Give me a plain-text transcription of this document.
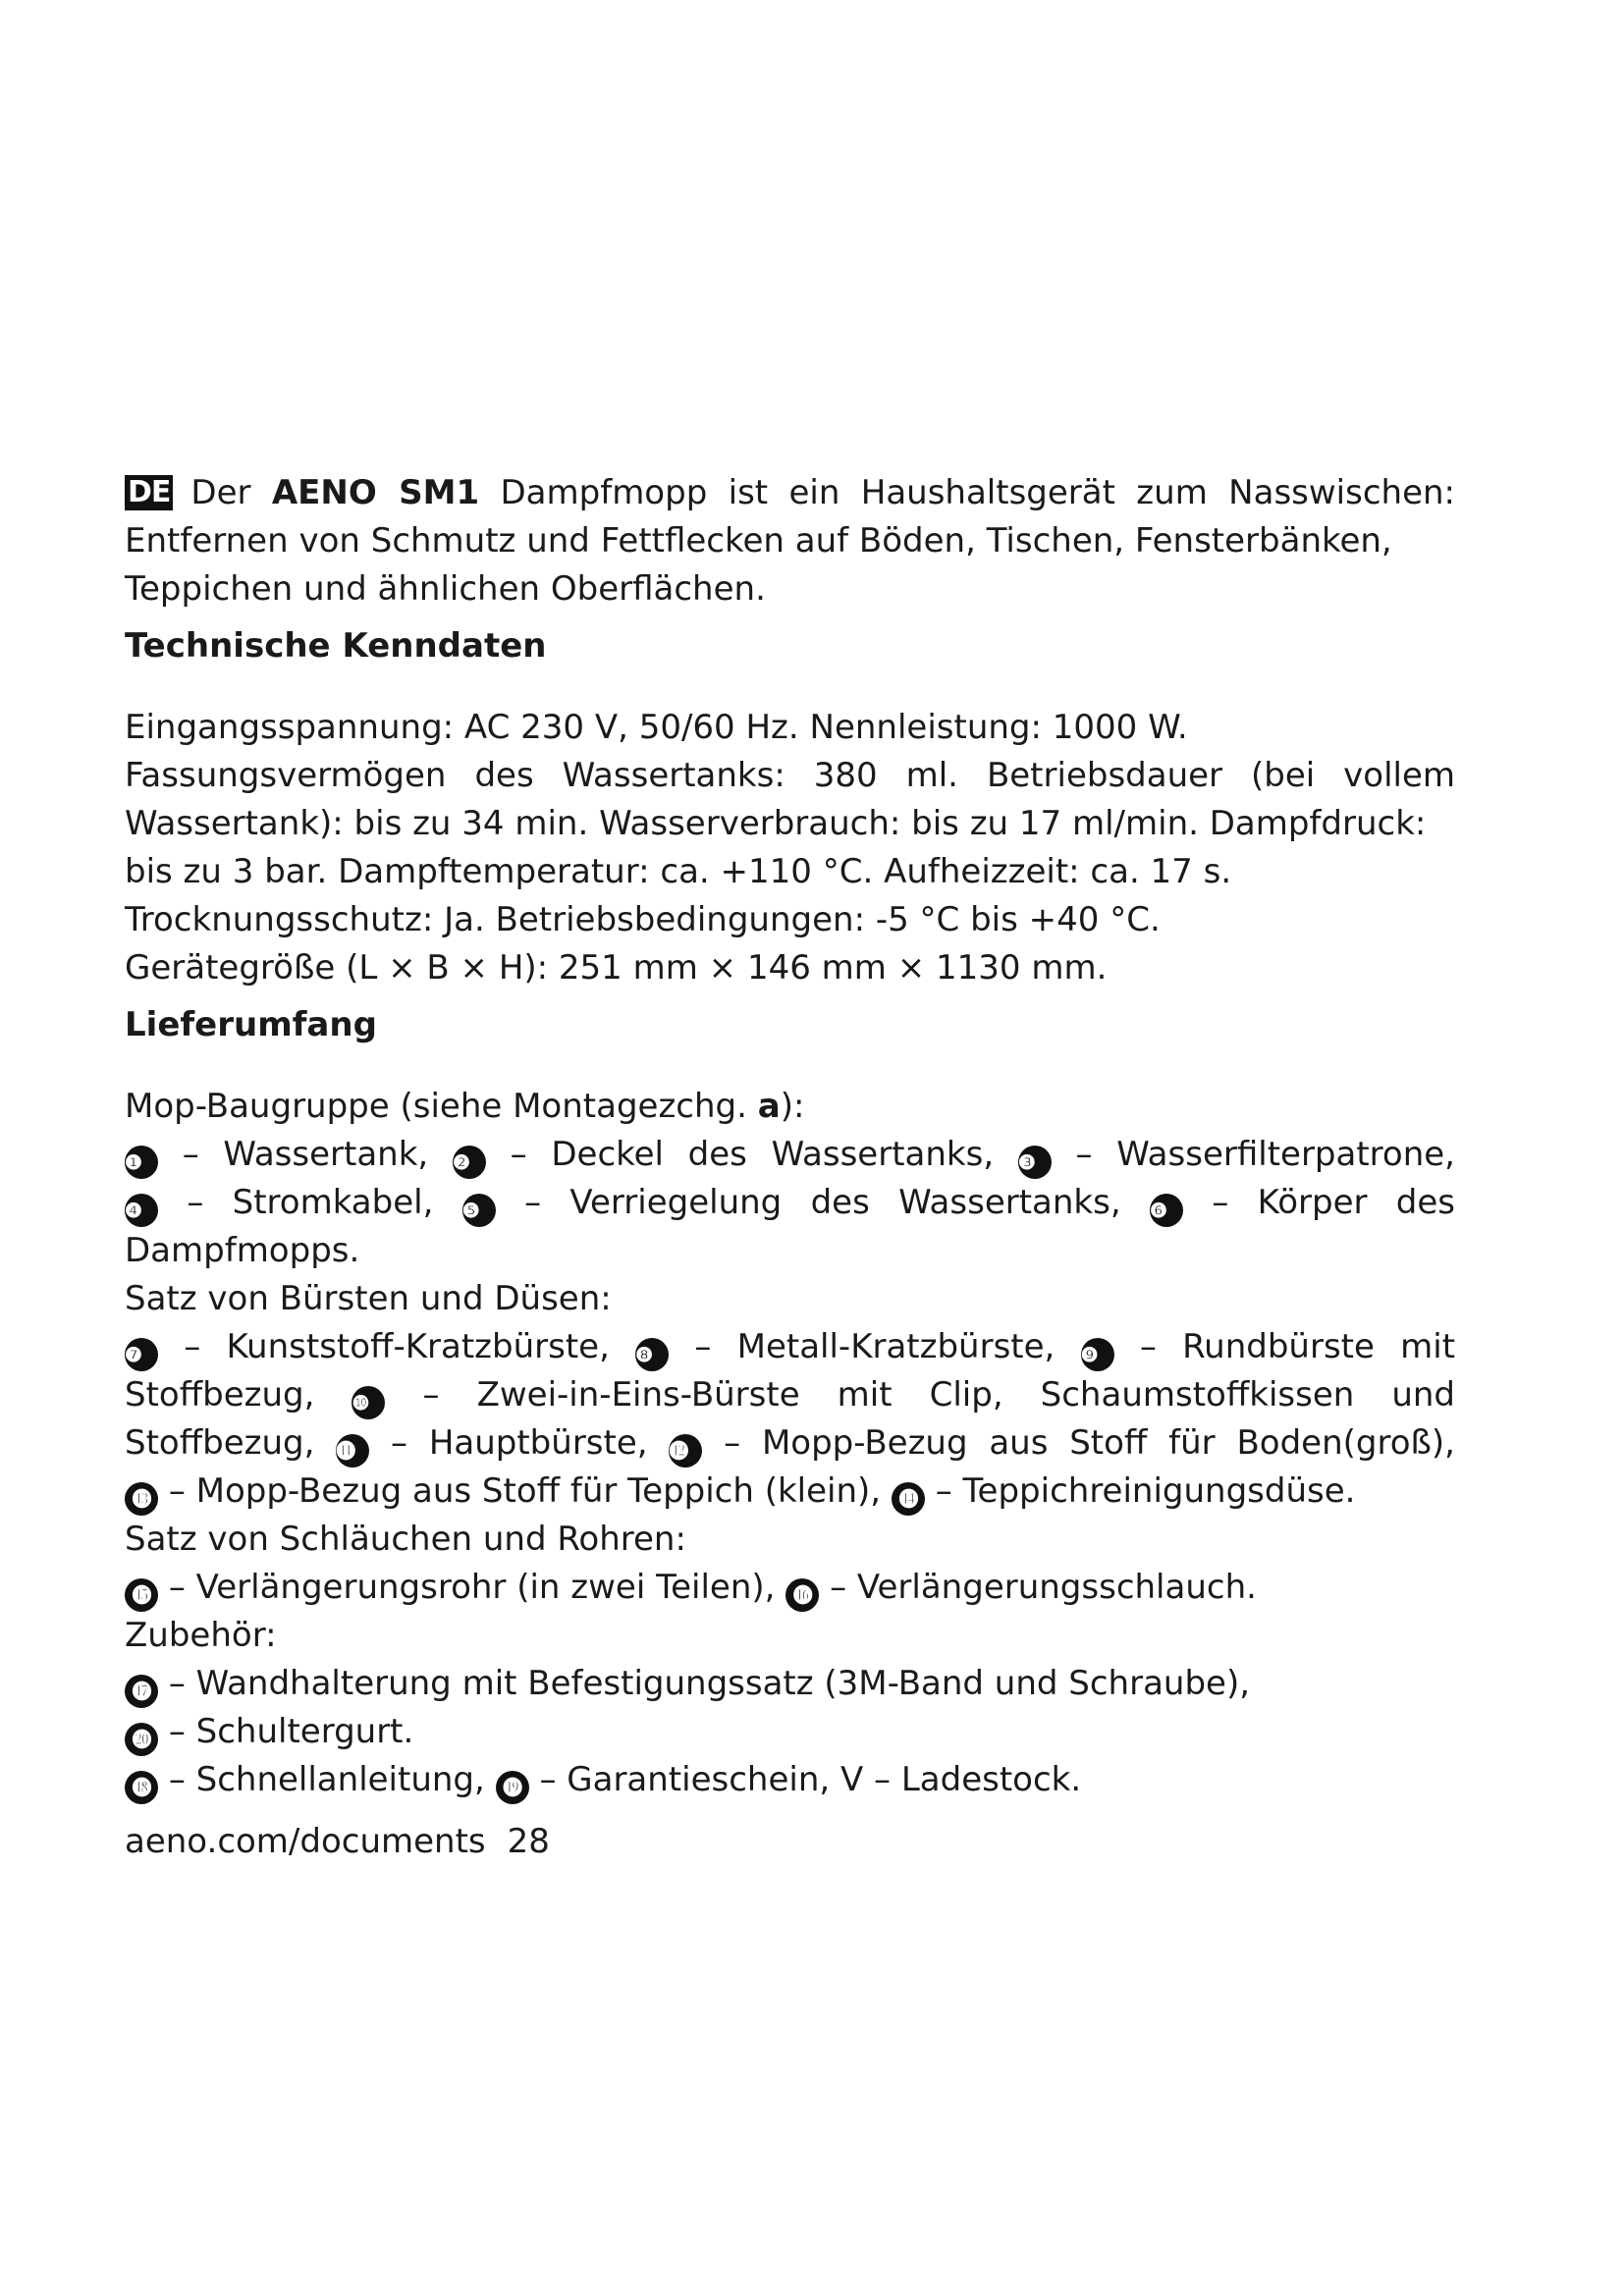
DE Der AENO SM1 Dampfmopp ist ein Haushaltsgerät zum Nasswischen:

Entfernen von Schmutz und Fettflecken auf Böden, Tischen, Fensterbänken,

Teppichen und ähnlichen Oberflächen.

Technische Kenndaten

Eingangsspannung: AC 230 V, 50/60 Hz. Nennleistung: 1000 W.

Fassungsvermögen des Wassertanks: 380 ml. Betriebsdauer (bei vollem

Wassertank): bis zu 34 min. Wasserverbrauch: bis zu 17 ml/min. Dampfdruck:

bis zu 3 bar. Dampftemperatur: ca. +110 °C. Aufheizzeit: ca. 17 s.

Trocknungsschutz: Ja. Betriebsbedingungen: -5 °C bis +40 °C.

Gerätegröße (L × B × H): 251 mm × 146 mm × 1130 mm.

Lieferumfang

Mop-Baugruppe (siehe Montagezchg. a):

❶ – Wassertank, ❷ – Deckel des Wassertanks, ❸ – Wasserfilterpatrone,

❹ – Stromkabel, ❺ – Verriegelung des Wassertanks, ❻ – Körper des

Dampfmopps.

Satz von Bürsten und Düsen:

❼ – Kunststoff-Kratzbürste, ❽ – Metall-Kratzbürste, ❾ – Rundbürste mit

Stoffbezug, ❿ – Zwei-in-Eins-Bürste mit Clip, Schaumstoffkissen und

Stoffbezug, ⓫ – Hauptbürste, ⓬ – Mopp-Bezug aus Stoff für Boden(groß),

⓭ – Mopp-Bezug aus Stoff für Teppich (klein), ⓮ – Teppichreinigungsdüse.

Satz von Schläuchen und Rohren:

⓯ – Verlängerungsrohr (in zwei Teilen), ⓰ – Verlängerungsschlauch.

Zubehör:

⓱ – Wandhalterung mit Befestigungssatz (3M-Band und Schraube),

⓴ – Schultergurt.

⓲ – Schnellanleitung, ⓳ – Garantieschein, V – Ladestock.

aeno.com/documents 28
